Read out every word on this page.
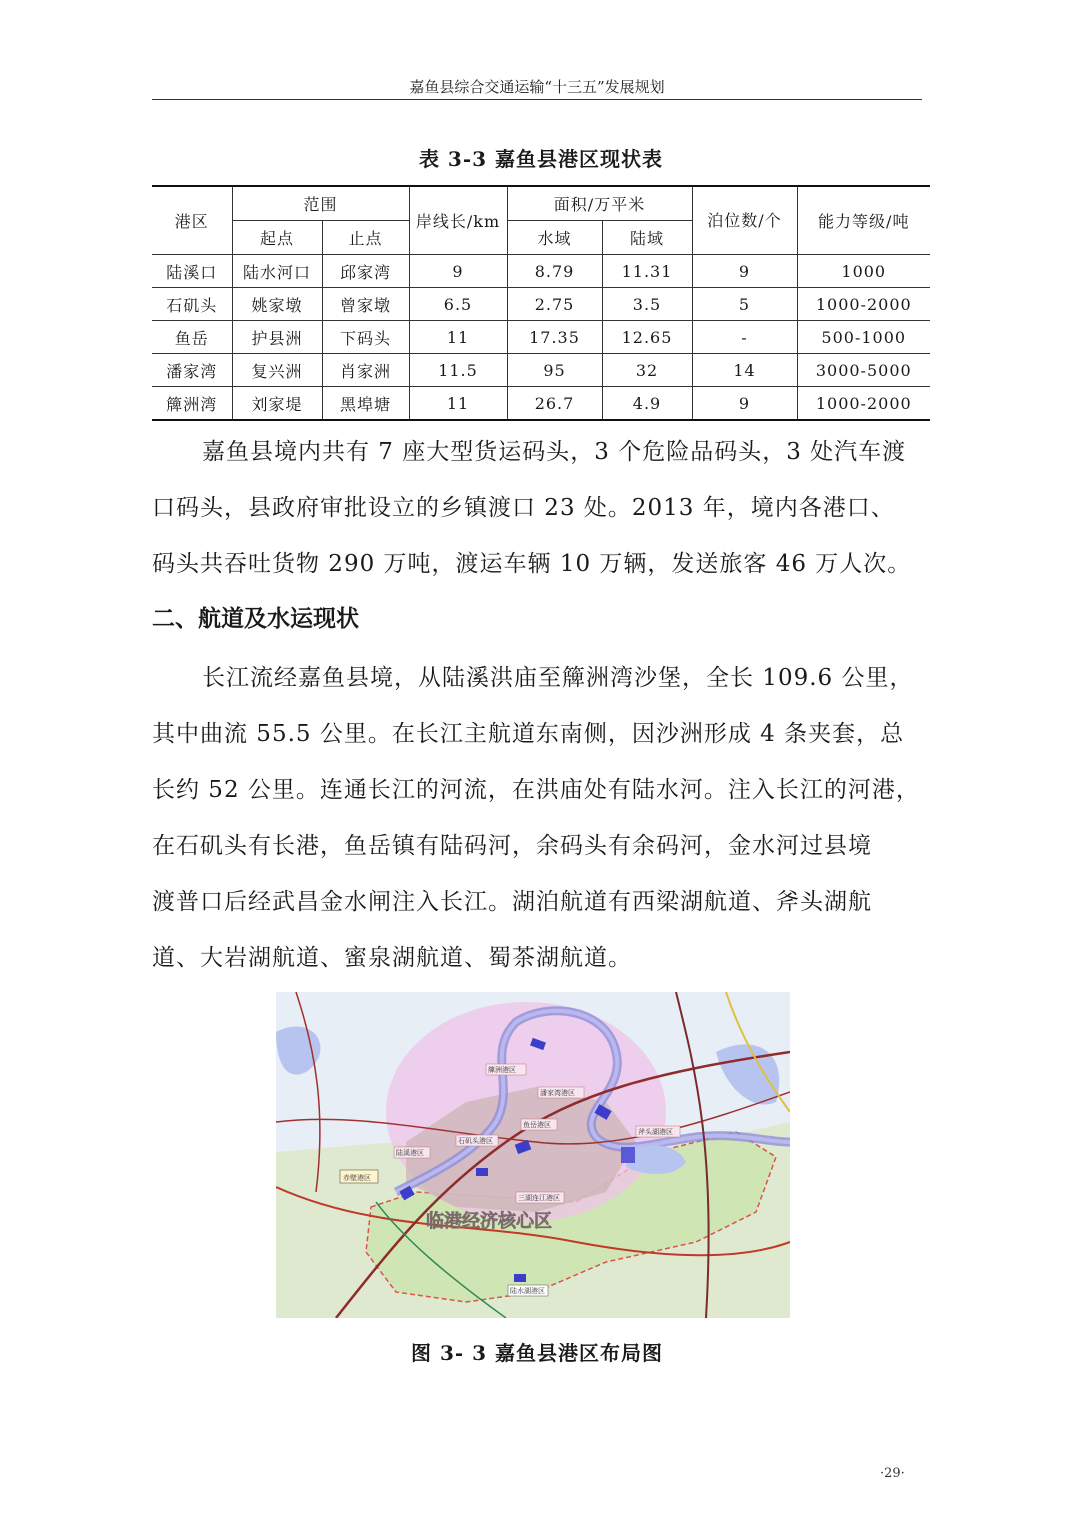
嘉鱼县综合交通运输“十三五”发展规划
表 3-3 嘉鱼县港区现状表
港区	范围		岸线长/km	面积/万平米		泊位数/个	能力等级/吨
	起点	止点		水域	陆域		
陆溪口	陆水河口	邱家湾	9	8.79	11.31	9	1000
石矶头	姚家墩	曾家墩	6.5	2.75	3.5	5	1000-2000
鱼岳	护县洲	下码头	11	17.35	12.65	-	500-1000
潘家湾	复兴洲	肖家洲	11.5	95	32	14	3000-5000
簰洲湾	刘家堤	黑埠塘	11	26.7	4.9	9	1000-2000
嘉鱼县境内共有 7 座大型货运码头，3 个危险品码头，3 处汽车渡
口码头，县政府审批设立的乡镇渡口 23 处。2013 年，境内各港口、
码头共吞吐货物 290 万吨，渡运车辆 10 万辆，发送旅客 46 万人次。
二、航道及水运现状
长江流经嘉鱼县境，从陆溪洪庙至簰洲湾沙堡，全长 109.6 公里，
其中曲流 55.5 公里。在长江主航道东南侧，因沙洲形成 4 条夹套，总
长约 52 公里。连通长江的河流，在洪庙处有陆水河。注入长江的河港，
在石矶头有长港，鱼岳镇有陆码河，余码头有余码河，金水河过县境
渡普口后经武昌金水闸注入长江。湖泊航道有西梁湖航道、斧头湖航
道、大岩湖航道、蜜泉湖航道、蜀茶湖航道。
簰洲港区
潘家湾港区
鱼岳港区
石矶头港区
陆溪港区
赤壁港区
斧头湖港区
三湖连江港区
陆水湖港区
临港经济核心区
图 3- 3 嘉鱼县港区布局图
·29·
